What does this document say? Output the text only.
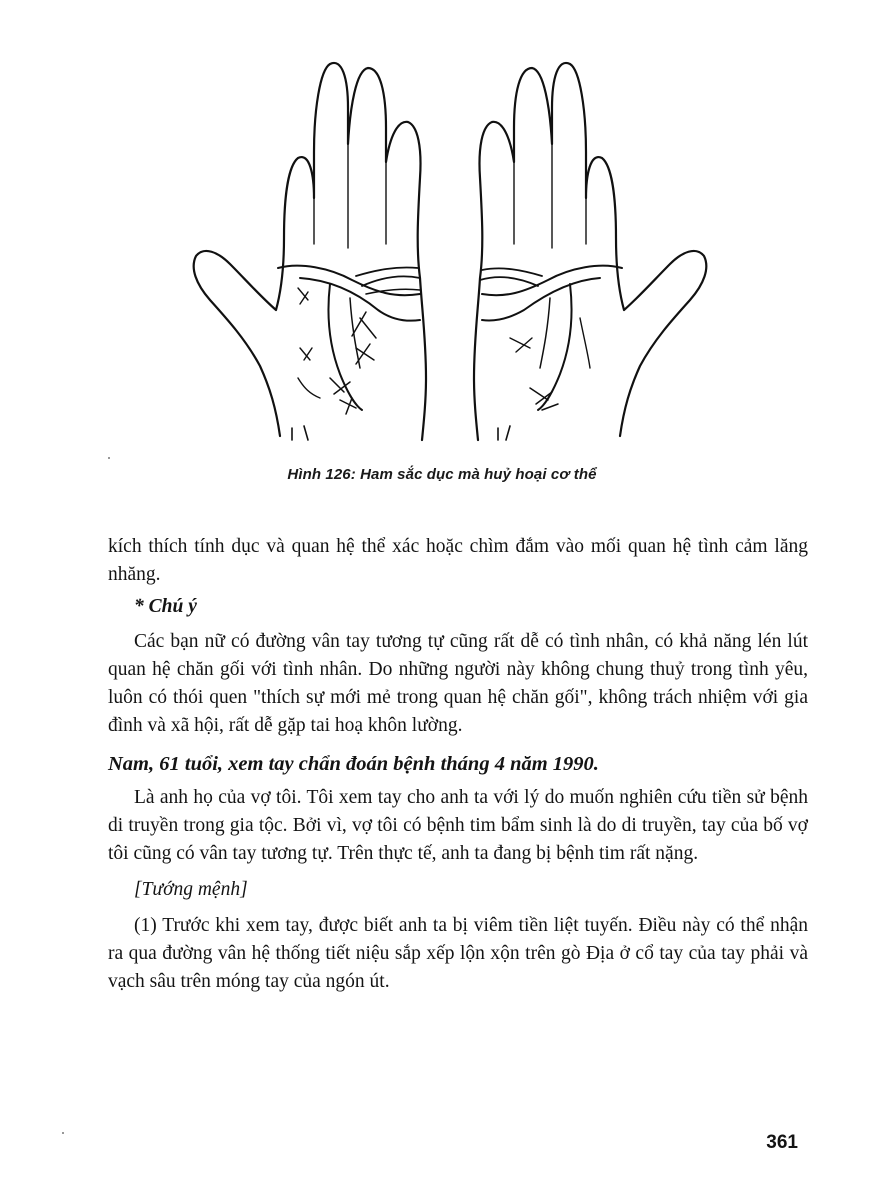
Hình 126: Ham sắc dục mà huỷ hoại cơ thể

kích thích tính dục và quan hệ thể xác hoặc chìm đắm vào mối quan hệ tình cảm lăng nhăng.

* Chú ý

Các bạn nữ có đường vân tay tương tự cũng rất dễ có tình nhân, có khả năng lén lút quan hệ chăn gối với tình nhân. Do những người này không chung thuỷ trong tình yêu, luôn có thói quen "thích sự mới mẻ trong quan hệ chăn gối", không trách nhiệm với gia đình và xã hội, rất dễ gặp tai hoạ khôn lường.

Nam, 61 tuổi, xem tay chẩn đoán bệnh tháng 4 năm 1990.

Là anh họ của vợ tôi. Tôi xem tay cho anh ta với lý do muốn nghiên cứu tiền sử bệnh di truyền trong gia tộc. Bởi vì, vợ tôi có bệnh tim bẩm sinh là do di truyền, tay của bố vợ tôi cũng có vân tay tương tự. Trên thực tế, anh ta đang bị bệnh tim rất nặng.

[Tướng mệnh]

(1) Trước khi xem tay, được biết anh ta bị viêm tiền liệt tuyến. Điều này có thể nhận ra qua đường vân hệ thống tiết niệu sắp xếp lộn xộn trên gò Địa ở cổ tay của tay phải và vạch sâu trên móng tay của ngón út.

361
